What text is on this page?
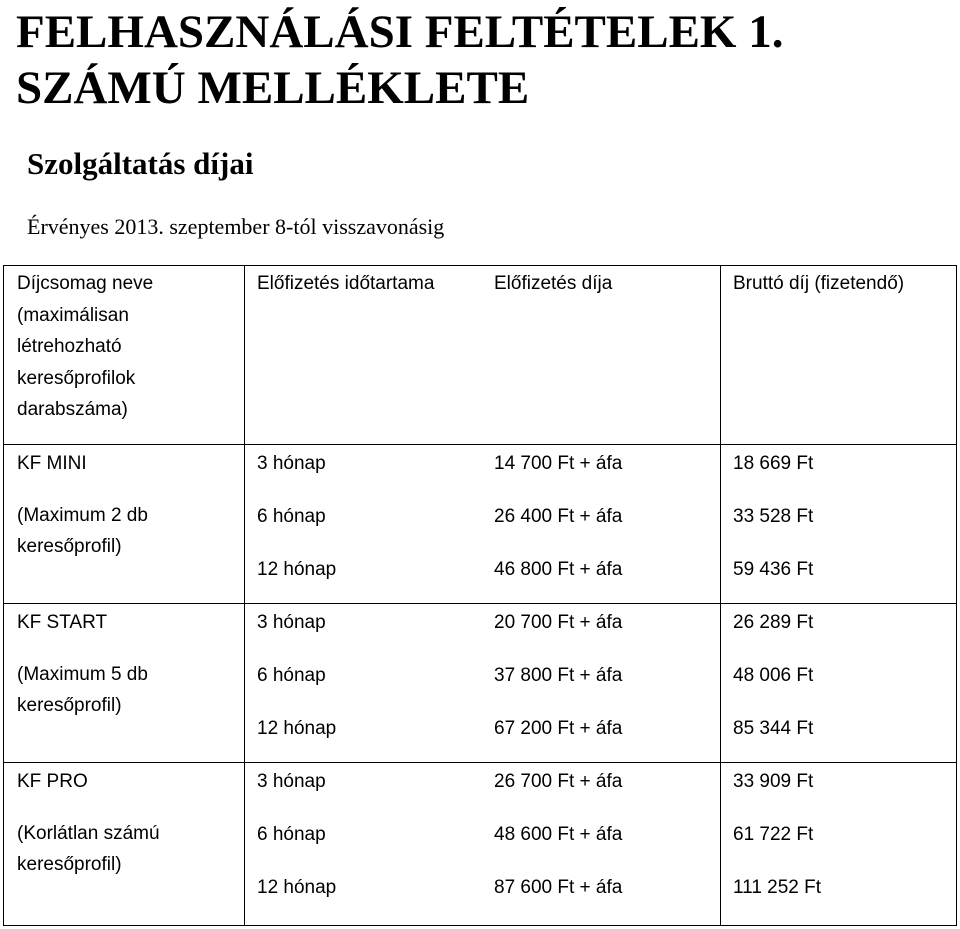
FELHASZNÁLÁSI FELTÉTELEK 1. SZÁMÚ MELLÉKLETE
Szolgáltatás díjai

Érvényes 2013. szeptember 8-tól visszavonásig

Díjcsomag neve (maximálisan létrehozható keresőprofilok darabszáma)
Előfizetés időtartama	Előfizetés díja	Bruttó díj (fizetendő)
KF MINI
(Maximum 2 db keresőprofil)
3 hónap	14 700 Ft + áfa	18 669 Ft
6 hónap	26 400 Ft + áfa	33 528 Ft
12 hónap	46 800 Ft + áfa	59 436 Ft
KF START
(Maximum 5 db keresőprofil)
3 hónap	20 700 Ft + áfa	26 289 Ft
6 hónap	37 800 Ft + áfa	48 006 Ft
12 hónap	67 200 Ft + áfa	85 344 Ft
KF PRO
(Korlátlan számú keresőprofil)
3 hónap	26 700 Ft + áfa	33 909 Ft
6 hónap	48 600 Ft + áfa	61 722 Ft
12 hónap	87 600 Ft + áfa	111 252 Ft
